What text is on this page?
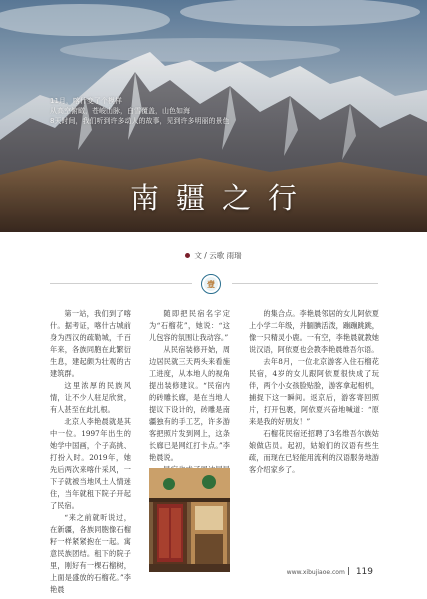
11月，喀什变了个模样
从高空俯瞰，苍峻山脉，白雪覆盖，山色如海
8天时间，我们听到许多动人的故事，见到许多明丽的景色
南疆之行
文 / 云歌 雨瑞
壹

第一站，我们到了喀什。据考证，喀什古城前身为西汉的疏勒城，千百年来，各族同胞在此繁衍生息，建起颇为壮观的古建筑群。

这里浓厚的民族风情，让不少人驻足欣赏，有人甚至在此扎根。

北京人李艳晨就是其中一位。1997年出生的她学中国画，个子高挑、打扮入时。2019年，她先后两次来喀什采风，一下子就被当地风土人情迷住，当年就租下院子开起了民宿。

“来之前就听说过，在新疆，各族同胞像石榴籽一样紧紧抱在一起。寓意民族团结。租下的院子里，刚好有一棵石榴树，上面是盛放的石榴花。”李艳晨

随即把民宿名字定为“石榴花”，她说：“这儿包容的氛围让我动容。”

从民宿装修开始，周边居民就三天两头来看施工进度，从本地人的视角提出装修建议。“民宿内的砖雕长廊，是在当地人提议下设计的，砖雕是南疆独有的手工艺，许多游客把照片发到网上，这条长廊已是网红打卡点。”李艳晨说。

的集合点。李艳晨邻居的女儿阿依夏上小学二年级，并腼腆活泼，蹦蹦跳跳，像一只精灵小鹿。一有空，李艳晨就教她说汉语，阿依夏也会教李艳晨维吾尔语。

去年8月，一位北京游客入住石榴花民宿，4岁的女儿跟阿依夏很快成了玩伴，两个小女孩脸贴脸，游客拿起相机，捕捉下这一瞬间。返京后，游客寄回照片，打开包裹，阿依夏兴奋地喊道：“原来是我的好朋友！”

石榴花民宿还招聘了3名维吾尔族姑娘做店员。起初，姑娘们的汉语有些生疏，而现在已轻能用流利的汉语服务地游客介绍家乡了。

www.xibujiaoe.com 119
